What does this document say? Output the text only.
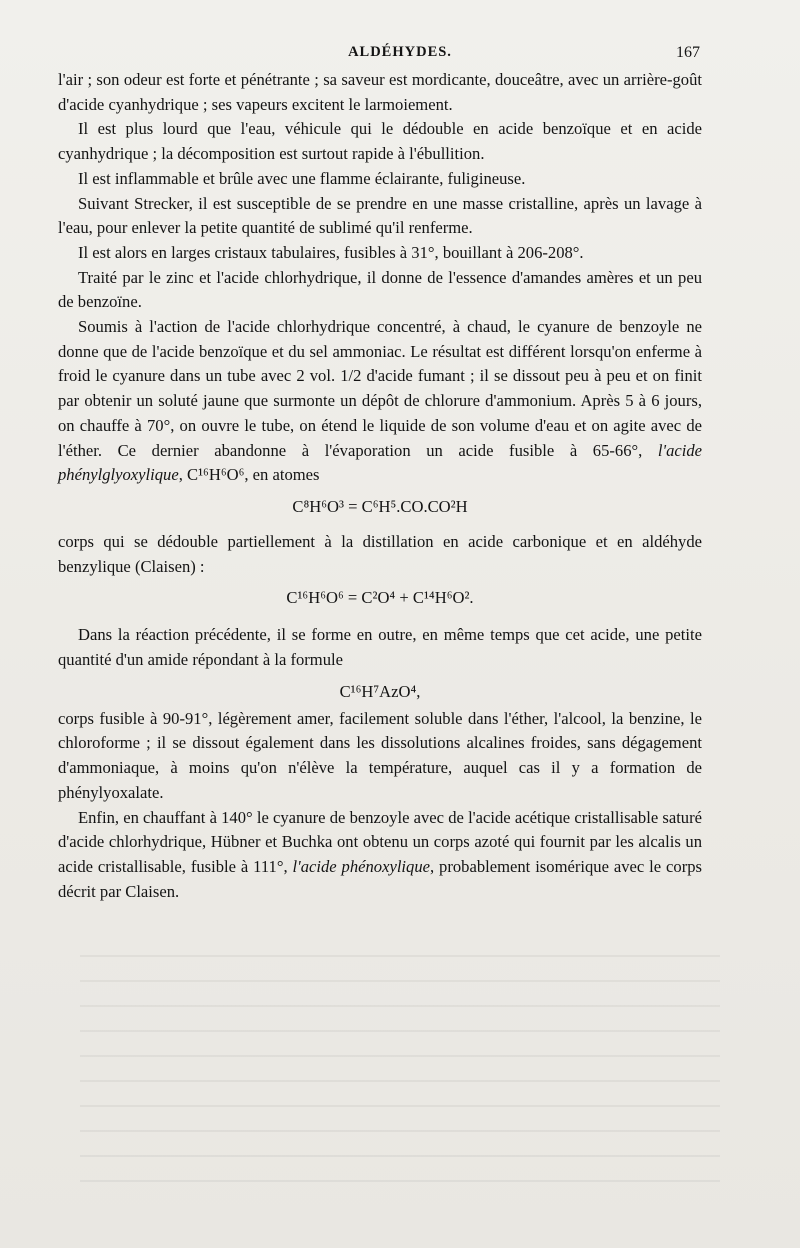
ALDÉHYDES.	167

l'air ; son odeur est forte et pénétrante ; sa saveur est mordicante, douceâtre, avec un arrière-goût d'acide cyanhydrique ; ses vapeurs excitent le larmoiement.

Il est plus lourd que l'eau, véhicule qui le dédouble en acide benzoïque et en acide cyanhydrique ; la décomposition est surtout rapide à l'ébullition.

Il est inflammable et brûle avec une flamme éclairante, fuligineuse.

Suivant Strecker, il est susceptible de se prendre en une masse cristalline, après un lavage à l'eau, pour enlever la petite quantité de sublimé qu'il renferme.

Il est alors en larges cristaux tabulaires, fusibles à 31°, bouillant à 206-208°.

Traité par le zinc et l'acide chlorhydrique, il donne de l'essence d'amandes amères et un peu de benzoïne.

Soumis à l'action de l'acide chlorhydrique concentré, à chaud, le cyanure de benzoyle ne donne que de l'acide benzoïque et du sel ammoniac. Le résultat est différent lorsqu'on enferme à froid le cyanure dans un tube avec 2 vol. 1/2 d'acide fumant ; il se dissout peu à peu et on finit par obtenir un soluté jaune que surmonte un dépôt de chlorure d'ammonium. Après 5 à 6 jours, on chauffe à 70°, on ouvre le tube, on étend le liquide de son volume d'eau et on agite avec de l'éther. Ce dernier abandonne à l'évaporation un acide fusible à 65-66°, l'acide phénylglyoxylique, C¹⁶H⁶O⁶, en atomes

C⁸H⁶O³ = C⁶H⁵.CO.CO²H

corps qui se dédouble partiellement à la distillation en acide carbonique et en aldéhyde benzylique (Claisen) :

C¹⁶H⁶O⁶ = C²O⁴ + C¹⁴H⁶O².

Dans la réaction précédente, il se forme en outre, en même temps que cet acide, une petite quantité d'un amide répondant à la formule

C¹⁶H⁷AzO⁴,

corps fusible à 90-91°, légèrement amer, facilement soluble dans l'éther, l'alcool, la benzine, le chloroforme ; il se dissout également dans les dissolutions alcalines froides, sans dégagement d'ammoniaque, à moins qu'on n'élève la température, auquel cas il y a formation de phénylyoxalate.

Enfin, en chauffant à 140° le cyanure de benzoyle avec de l'acide acétique cristallisable saturé d'acide chlorhydrique, Hübner et Buchka ont obtenu un corps azoté qui fournit par les alcalis un acide cristallisable, fusible à 111°, l'acide phénoxylique, probablement isomérique avec le corps décrit par Claisen.
